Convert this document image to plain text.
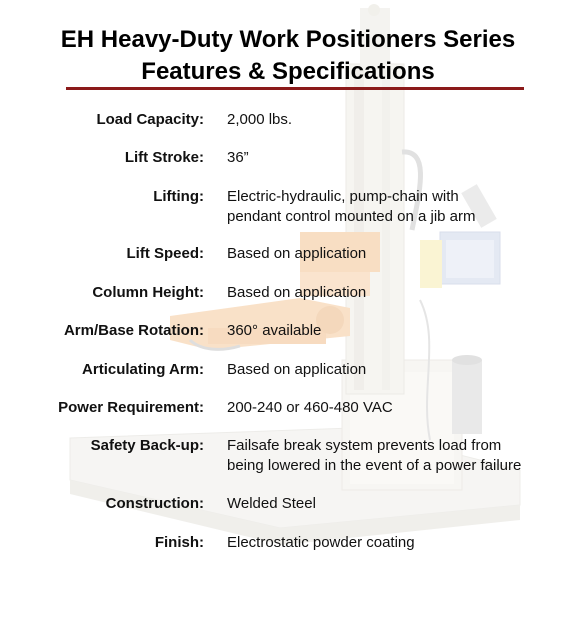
EH Heavy-Duty Work Positioners Series
Features & Specifications
Load Capacity: 2,000 lbs.
Lift Stroke: 36”
Lifting: Electric-hydraulic, pump-chain with
pendant control mounted on a jib arm
Lift Speed: Based on application
Column Height: Based on application
Arm/Base Rotation: 360° available
Articulating Arm: Based on application
Power Requirement: 200-240 or 460-480 VAC
Safety Back-up: Failsafe break system prevents load from
being lowered in the event of a power failure
Construction: Welded Steel
Finish: Electrostatic powder coating
